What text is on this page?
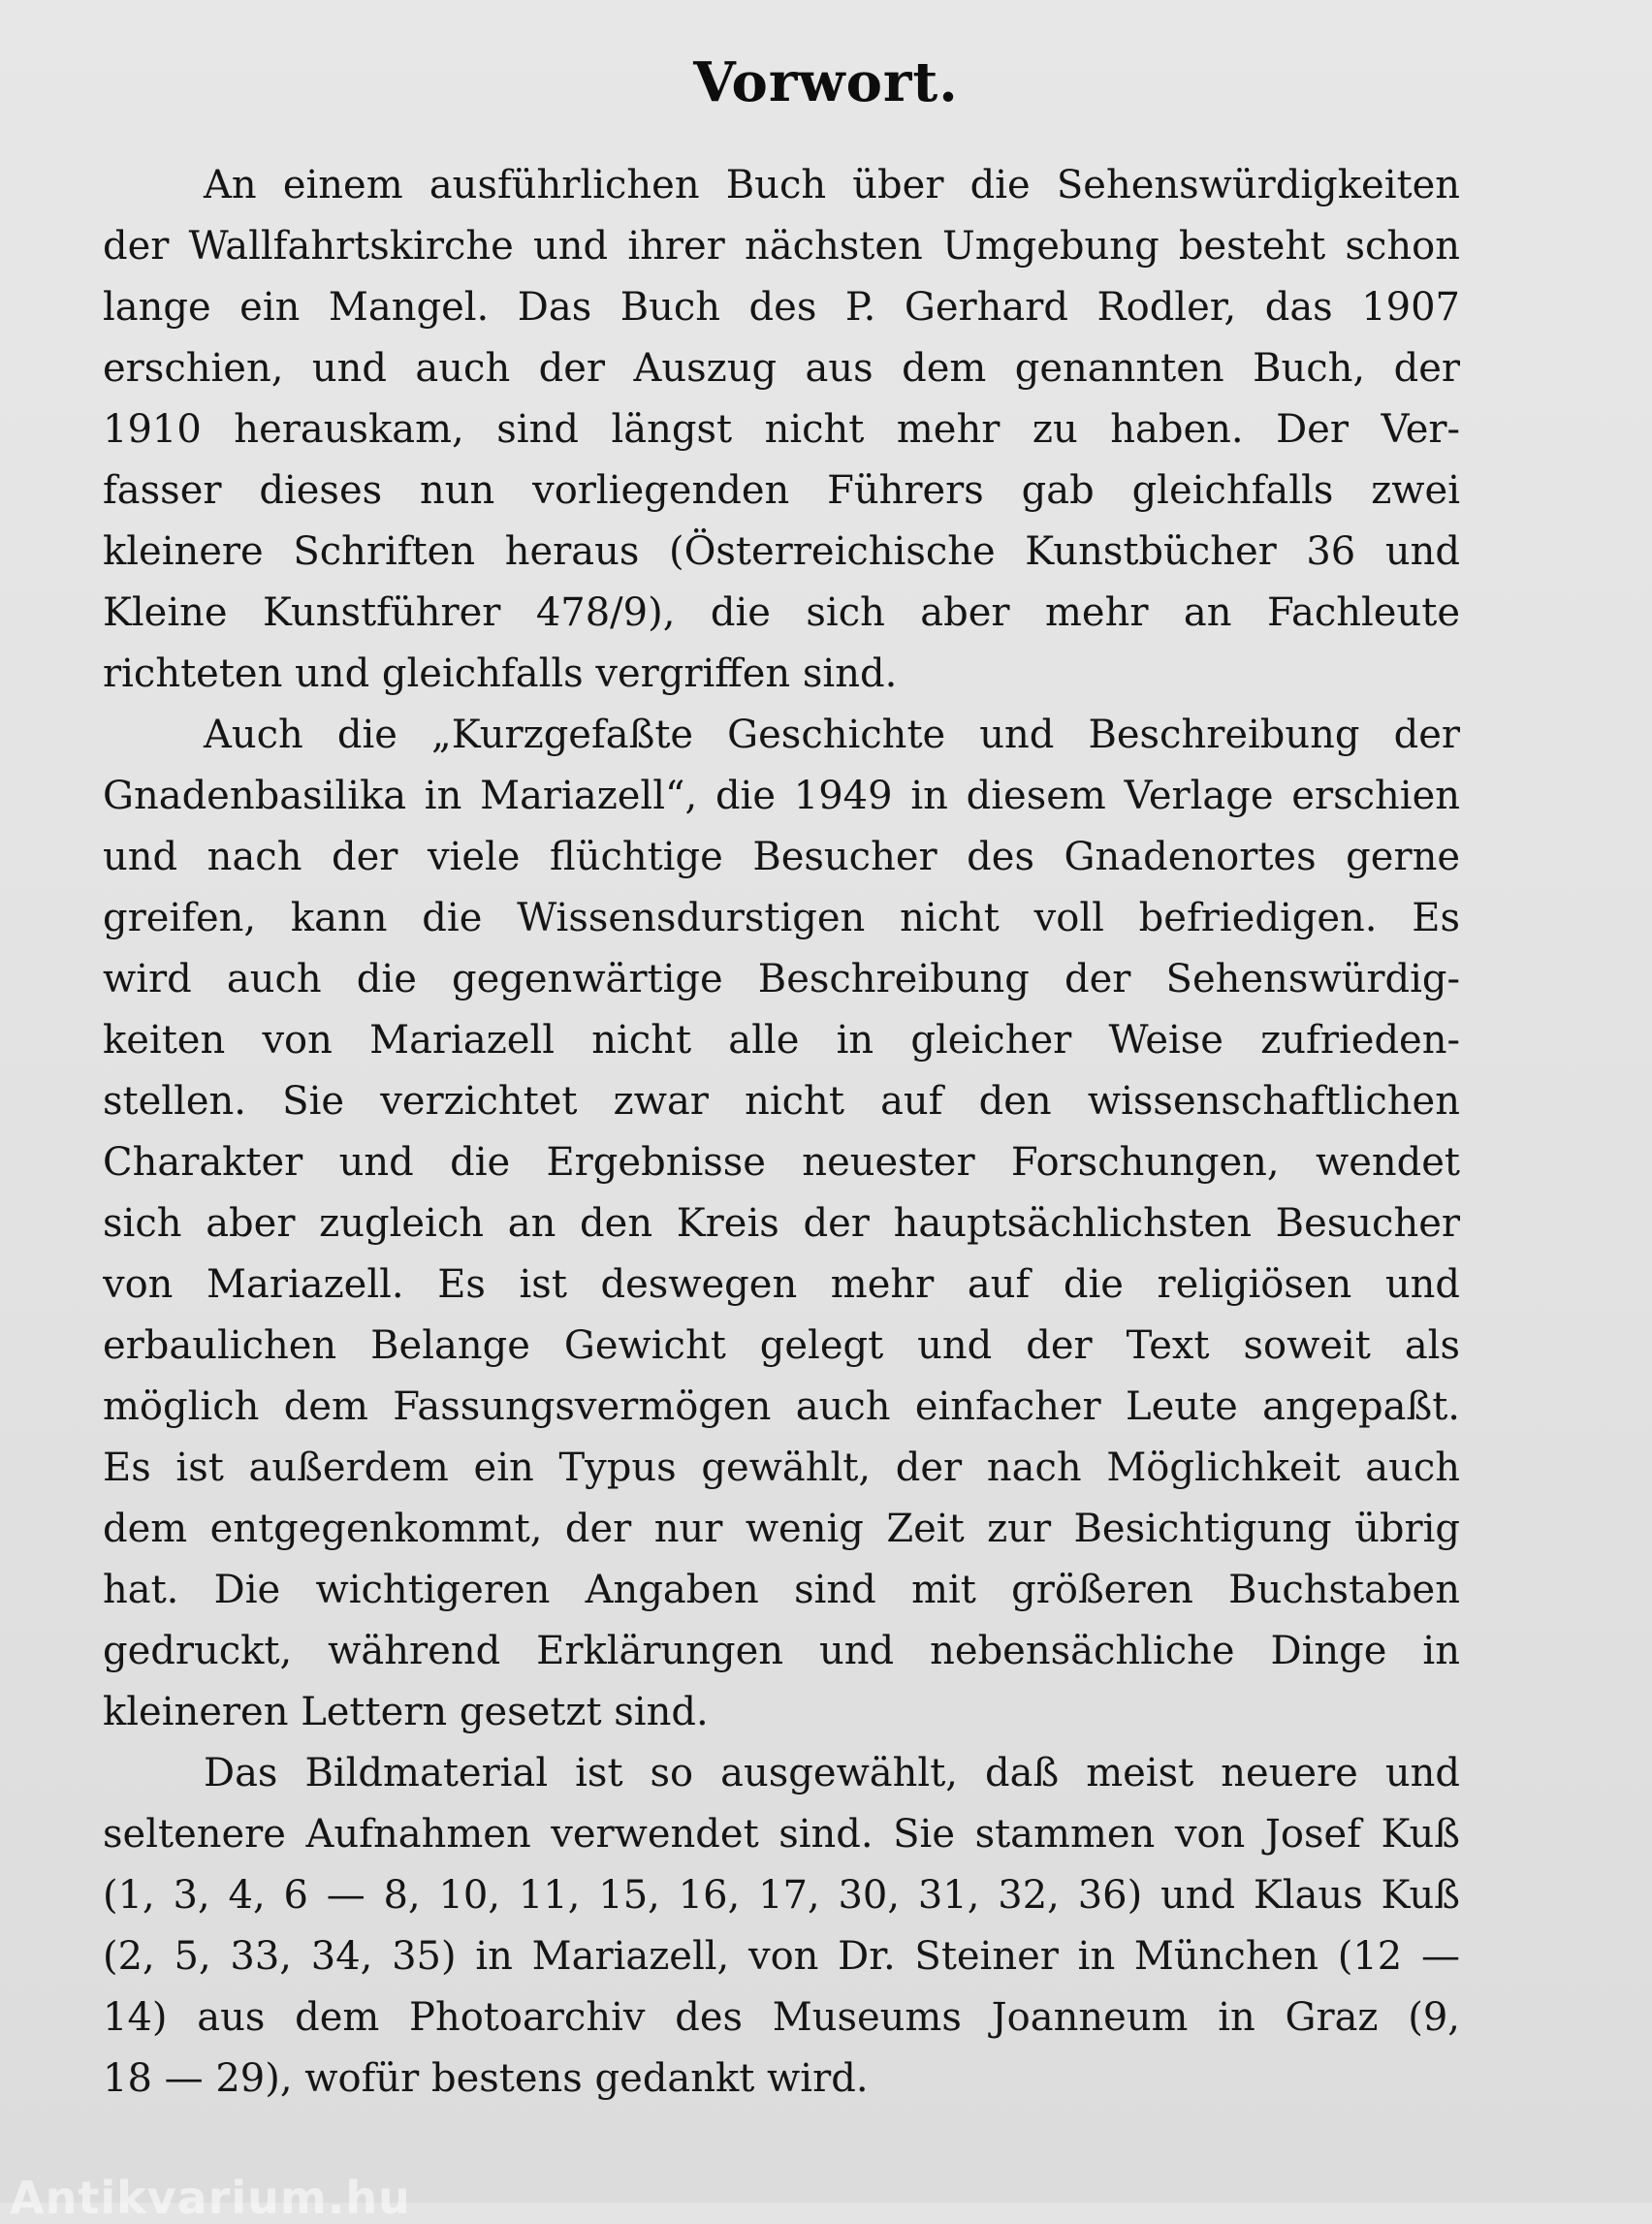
Vorwort.
An einem ausführlichen Buch über die Sehenswürdigkeiten
der Wallfahrtskirche und ihrer nächsten Umgebung besteht schon
lange ein Mangel. Das Buch des P. Gerhard Rodler, das 1907
erschien, und auch der Auszug aus dem genannten Buch, der
1910 herauskam, sind längst nicht mehr zu haben. Der Ver-
fasser dieses nun vorliegenden Führers gab gleichfalls zwei
kleinere Schriften heraus (Österreichische Kunstbücher 36 und
Kleine Kunstführer 478/9), die sich aber mehr an Fachleute
richteten und gleichfalls vergriffen sind.
Auch die „Kurzgefaßte Geschichte und Beschreibung der
Gnadenbasilika in Mariazell“, die 1949 in diesem Verlage erschien
und nach der viele flüchtige Besucher des Gnadenortes gerne
greifen, kann die Wissensdurstigen nicht voll befriedigen. Es
wird auch die gegenwärtige Beschreibung der Sehenswürdig-
keiten von Mariazell nicht alle in gleicher Weise zufrieden-
stellen. Sie verzichtet zwar nicht auf den wissenschaftlichen
Charakter und die Ergebnisse neuester Forschungen, wendet
sich aber zugleich an den Kreis der hauptsächlichsten Besucher
von Mariazell. Es ist deswegen mehr auf die religiösen und
erbaulichen Belange Gewicht gelegt und der Text soweit als
möglich dem Fassungsvermögen auch einfacher Leute angepaßt.
Es ist außerdem ein Typus gewählt, der nach Möglichkeit auch
dem entgegenkommt, der nur wenig Zeit zur Besichtigung übrig
hat. Die wichtigeren Angaben sind mit größeren Buchstaben
gedruckt, während Erklärungen und nebensächliche Dinge in
kleineren Lettern gesetzt sind.
Das Bildmaterial ist so ausgewählt, daß meist neuere und
seltenere Aufnahmen verwendet sind. Sie stammen von Josef Kuß
(1, 3, 4, 6 — 8, 10, 11, 15, 16, 17, 30, 31, 32, 36) und Klaus Kuß
(2, 5, 33, 34, 35) in Mariazell, von Dr. Steiner in München (12 —
14) aus dem Photoarchiv des Museums Joanneum in Graz (9,
18 — 29), wofür bestens gedankt wird.
Antikvarium.hu
